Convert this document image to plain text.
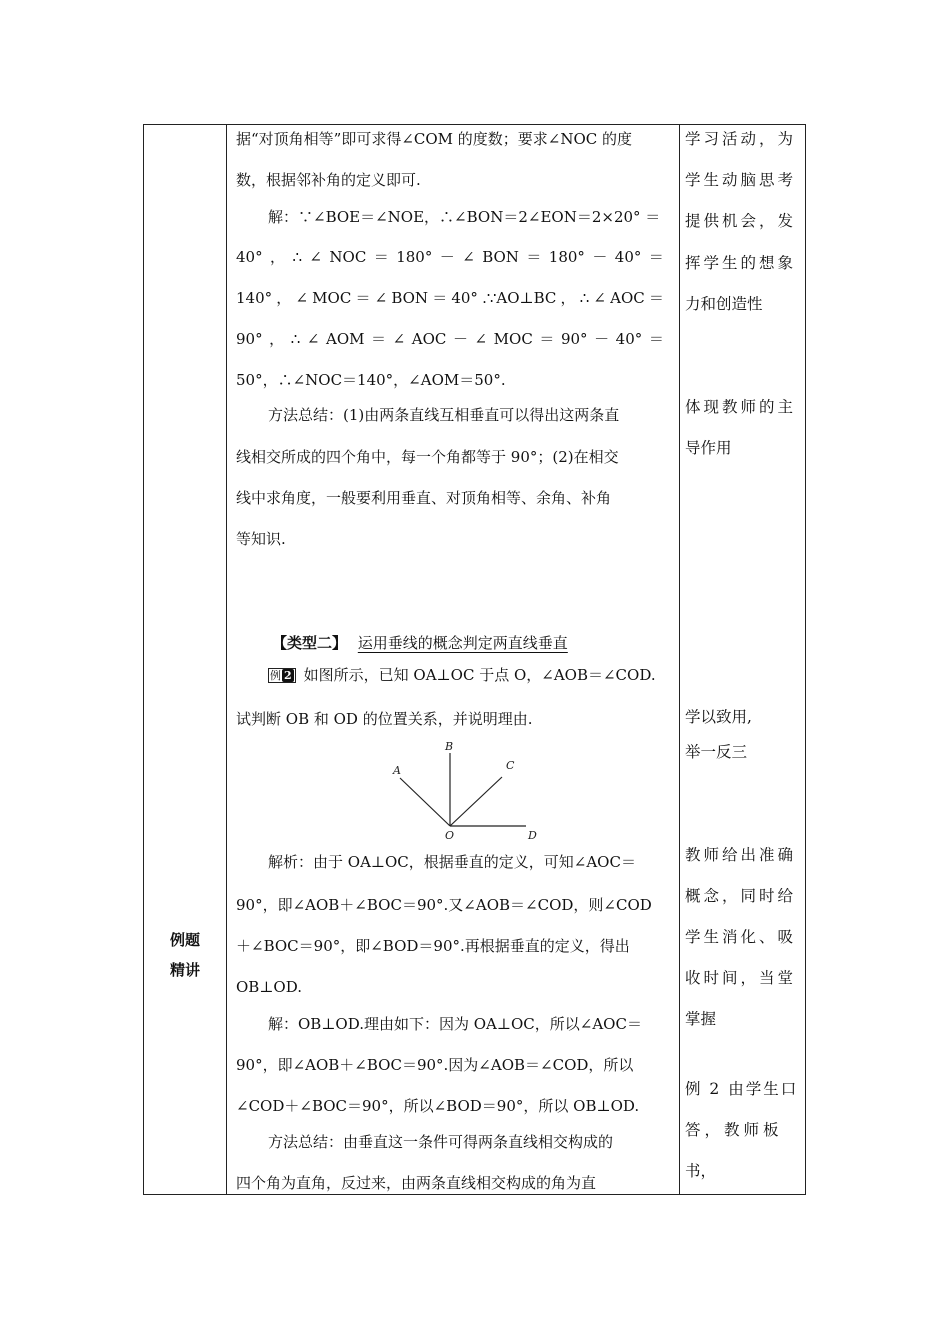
例题
精讲
据“对顶角相等”即可求得∠COM 的度数；要求∠NOC 的度
数，根据邻补角的定义即可.
解：∵∠BOE＝∠NOE，∴∠BON＝2∠EON＝2×20° ＝
40° ， ∴ ∠ NOC ＝ 180° － ∠ BON ＝ 180° － 40° ＝
140° ， ∠ MOC ＝ ∠ BON ＝ 40° .∵AO⊥BC ， ∴ ∠ AOC ＝
90° ， ∴ ∠ AOM ＝ ∠ AOC － ∠ MOC ＝ 90° － 40° ＝
50°，∴∠NOC＝140°，∠AOM＝50°.
方法总结：(1)由两条直线互相垂直可以得出这两条直
线相交所成的四个角中，每一个角都等于 90°；(2)在相交
线中求角度，一般要利用垂直、对顶角相等、余角、补角
等知识.
【类型二】 运用垂线的概念判定两直线垂直
例 2 如图所示，已知 OA⊥OC 于点 O，∠AOB＝∠COD.
试判断 OB 和 OD 的位置关系，并说明理由.
A
B
C
O	D
解析：由于 OA⊥OC，根据垂直的定义，可知∠AOC＝
90°，即∠AOB＋∠BOC＝90°.又∠AOB＝∠COD，则∠COD
＋∠BOC＝90°，即∠BOD＝90°.再根据垂直的定义，得出
OB⊥OD.
解：OB⊥OD.理由如下：因为 OA⊥OC，所以∠AOC＝
90°，即∠AOB＋∠BOC＝90°.因为∠AOB＝∠COD，所以
∠COD＋∠BOC＝90°，所以∠BOD＝90°，所以 OB⊥OD.
方法总结：由垂直这一条件可得两条直线相交构成的
四个角为直角，反过来，由两条直线相交构成的角为直
学习活动，为
学生动脑思考
提供机会，发
挥学生的想象
力和创造性
体现教师的主
导作用
学以致用,
举一反三
教师给出准确
概念，同时给
学生消化、吸
收时间，当堂
掌握
例 2 由学生口
答，教师板
书，
